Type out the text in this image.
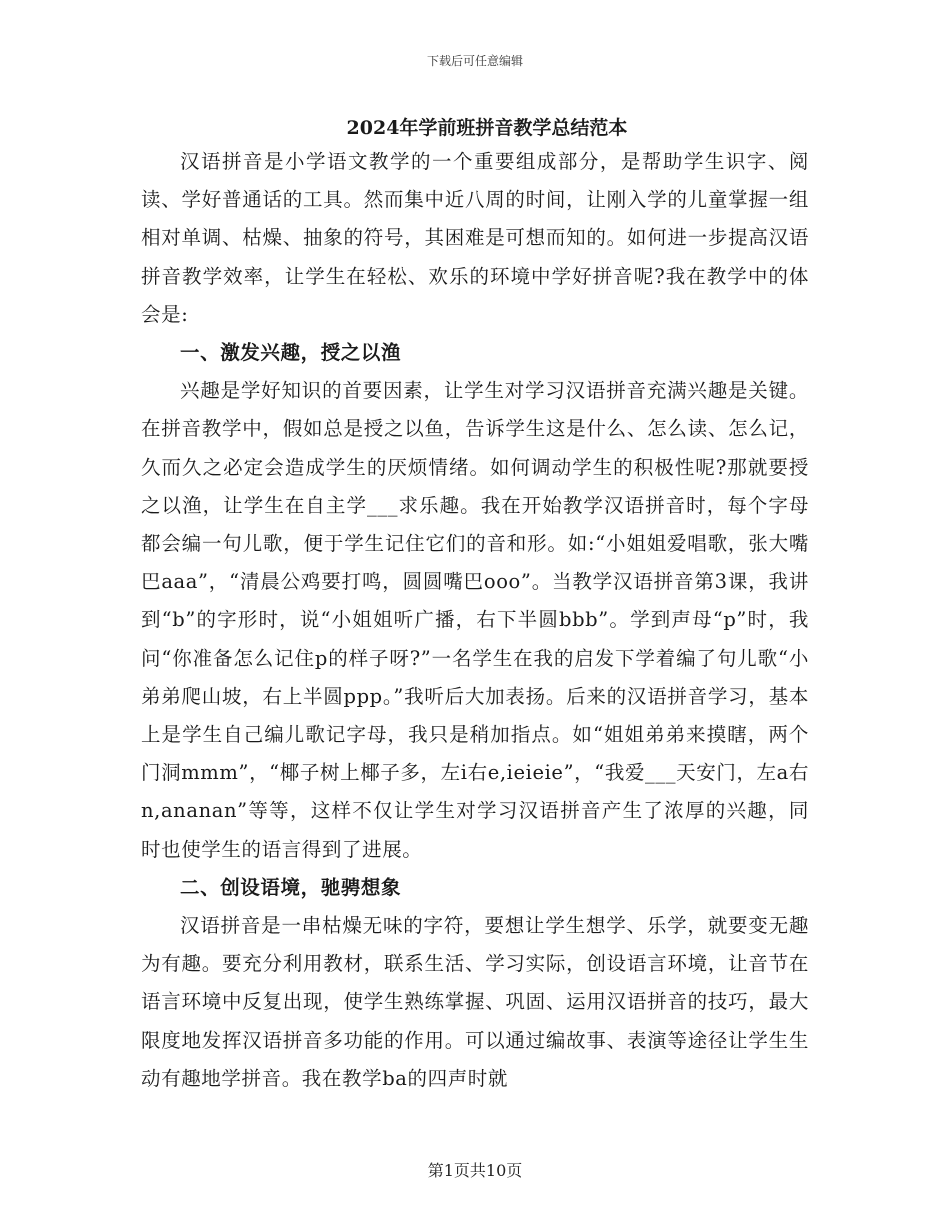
下载后可任意编辑
2024年学前班拼音教学总结范本

汉语拼音是小学语文教学的一个重要组成部分，是帮助学生识字、阅读、学好普通话的工具。然而集中近八周的时间，让刚入学的儿童掌握一组相对单调、枯燥、抽象的符号，其困难是可想而知的。如何进一步提高汉语拼音教学效率，让学生在轻松、欢乐的环境中学好拼音呢?我在教学中的体会是:

一、激发兴趣，授之以渔

兴趣是学好知识的首要因素，让学生对学习汉语拼音充满兴趣是关键。在拼音教学中，假如总是授之以鱼，告诉学生这是什么、怎么读、怎么记，久而久之必定会造成学生的厌烦情绪。如何调动学生的积极性呢?那就要授之以渔，让学生在自主学___求乐趣。我在开始教学汉语拼音时，每个字母都会编一句儿歌，便于学生记住它们的音和形。如:“小姐姐爱唱歌，张大嘴巴aaa”，“清晨公鸡要打鸣，圆圆嘴巴ooo”。当教学汉语拼音第3课，我讲到“b”的字形时，说“小姐姐听广播，右下半圆bbb”。学到声母“p”时，我问“你准备怎么记住p的样子呀?”一名学生在我的启发下学着编了句儿歌“小弟弟爬山坡，右上半圆ppp。”我听后大加表扬。后来的汉语拼音学习，基本上是学生自己编儿歌记字母，我只是稍加指点。如“姐姐弟弟来摸瞎，两个门洞mmm”，“椰子树上椰子多，左i右e,ieieie”，“我爱___天安门，左a右n,ananan”等等，这样不仅让学生对学习汉语拼音产生了浓厚的兴趣，同时也使学生的语言得到了进展。

二、创设语境，驰骋想象

汉语拼音是一串枯燥无味的字符，要想让学生想学、乐学，就要变无趣为有趣。要充分利用教材，联系生活、学习实际，创设语言环境，让音节在语言环境中反复出现，使学生熟练掌握、巩固、运用汉语拼音的技巧，最大限度地发挥汉语拼音多功能的作用。可以通过编故事、表演等途径让学生生动有趣地学拼音。我在教学ba的四声时就

第1页共10页
